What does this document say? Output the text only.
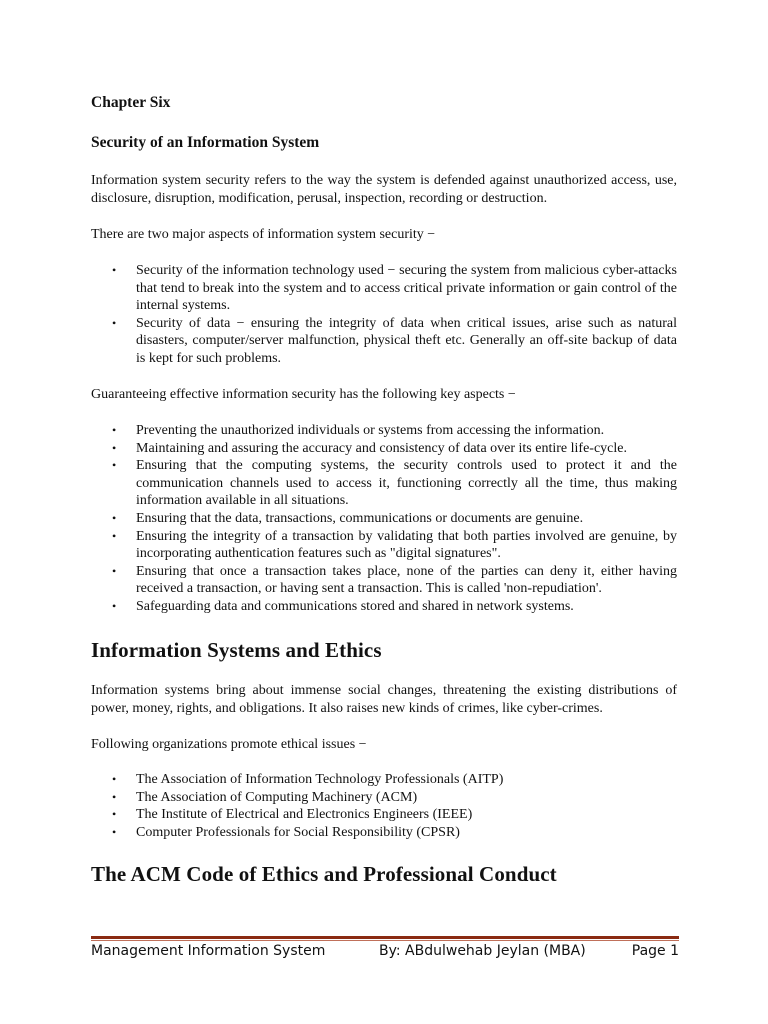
Chapter Six
Security of an Information System

Information system security refers to the way the system is defended against unauthorized access, use, disclosure, disruption, modification, perusal, inspection, recording or destruction.

There are two major aspects of information system security −

• Security of the information technology used − securing the system from malicious cyber-attacks that tend to break into the system and to access critical private information or gain control of the internal systems.
• Security of data − ensuring the integrity of data when critical issues, arise such as natural disasters, computer/server malfunction, physical theft etc. Generally an off-site backup of data is kept for such problems.

Guaranteeing effective information security has the following key aspects −

• Preventing the unauthorized individuals or systems from accessing the information.
• Maintaining and assuring the accuracy and consistency of data over its entire life-cycle.
• Ensuring that the computing systems, the security controls used to protect it and the communication channels used to access it, functioning correctly all the time, thus making information available in all situations.
• Ensuring that the data, transactions, communications or documents are genuine.
• Ensuring the integrity of a transaction by validating that both parties involved are genuine, by incorporating authentication features such as "digital signatures".
• Ensuring that once a transaction takes place, none of the parties can deny it, either having received a transaction, or having sent a transaction. This is called 'non-repudiation'.
• Safeguarding data and communications stored and shared in network systems.
Information Systems and Ethics

Information systems bring about immense social changes, threatening the existing distributions of power, money, rights, and obligations. It also raises new kinds of crimes, like cyber-crimes.

Following organizations promote ethical issues −

• The Association of Information Technology Professionals (AITP)
• The Association of Computing Machinery (ACM)
• The Institute of Electrical and Electronics Engineers (IEEE)
• Computer Professionals for Social Responsibility (CPSR)
The ACM Code of Ethics and Professional Conduct
Management Information System	By: ABdulwehab Jeylan (MBA)	Page 1
